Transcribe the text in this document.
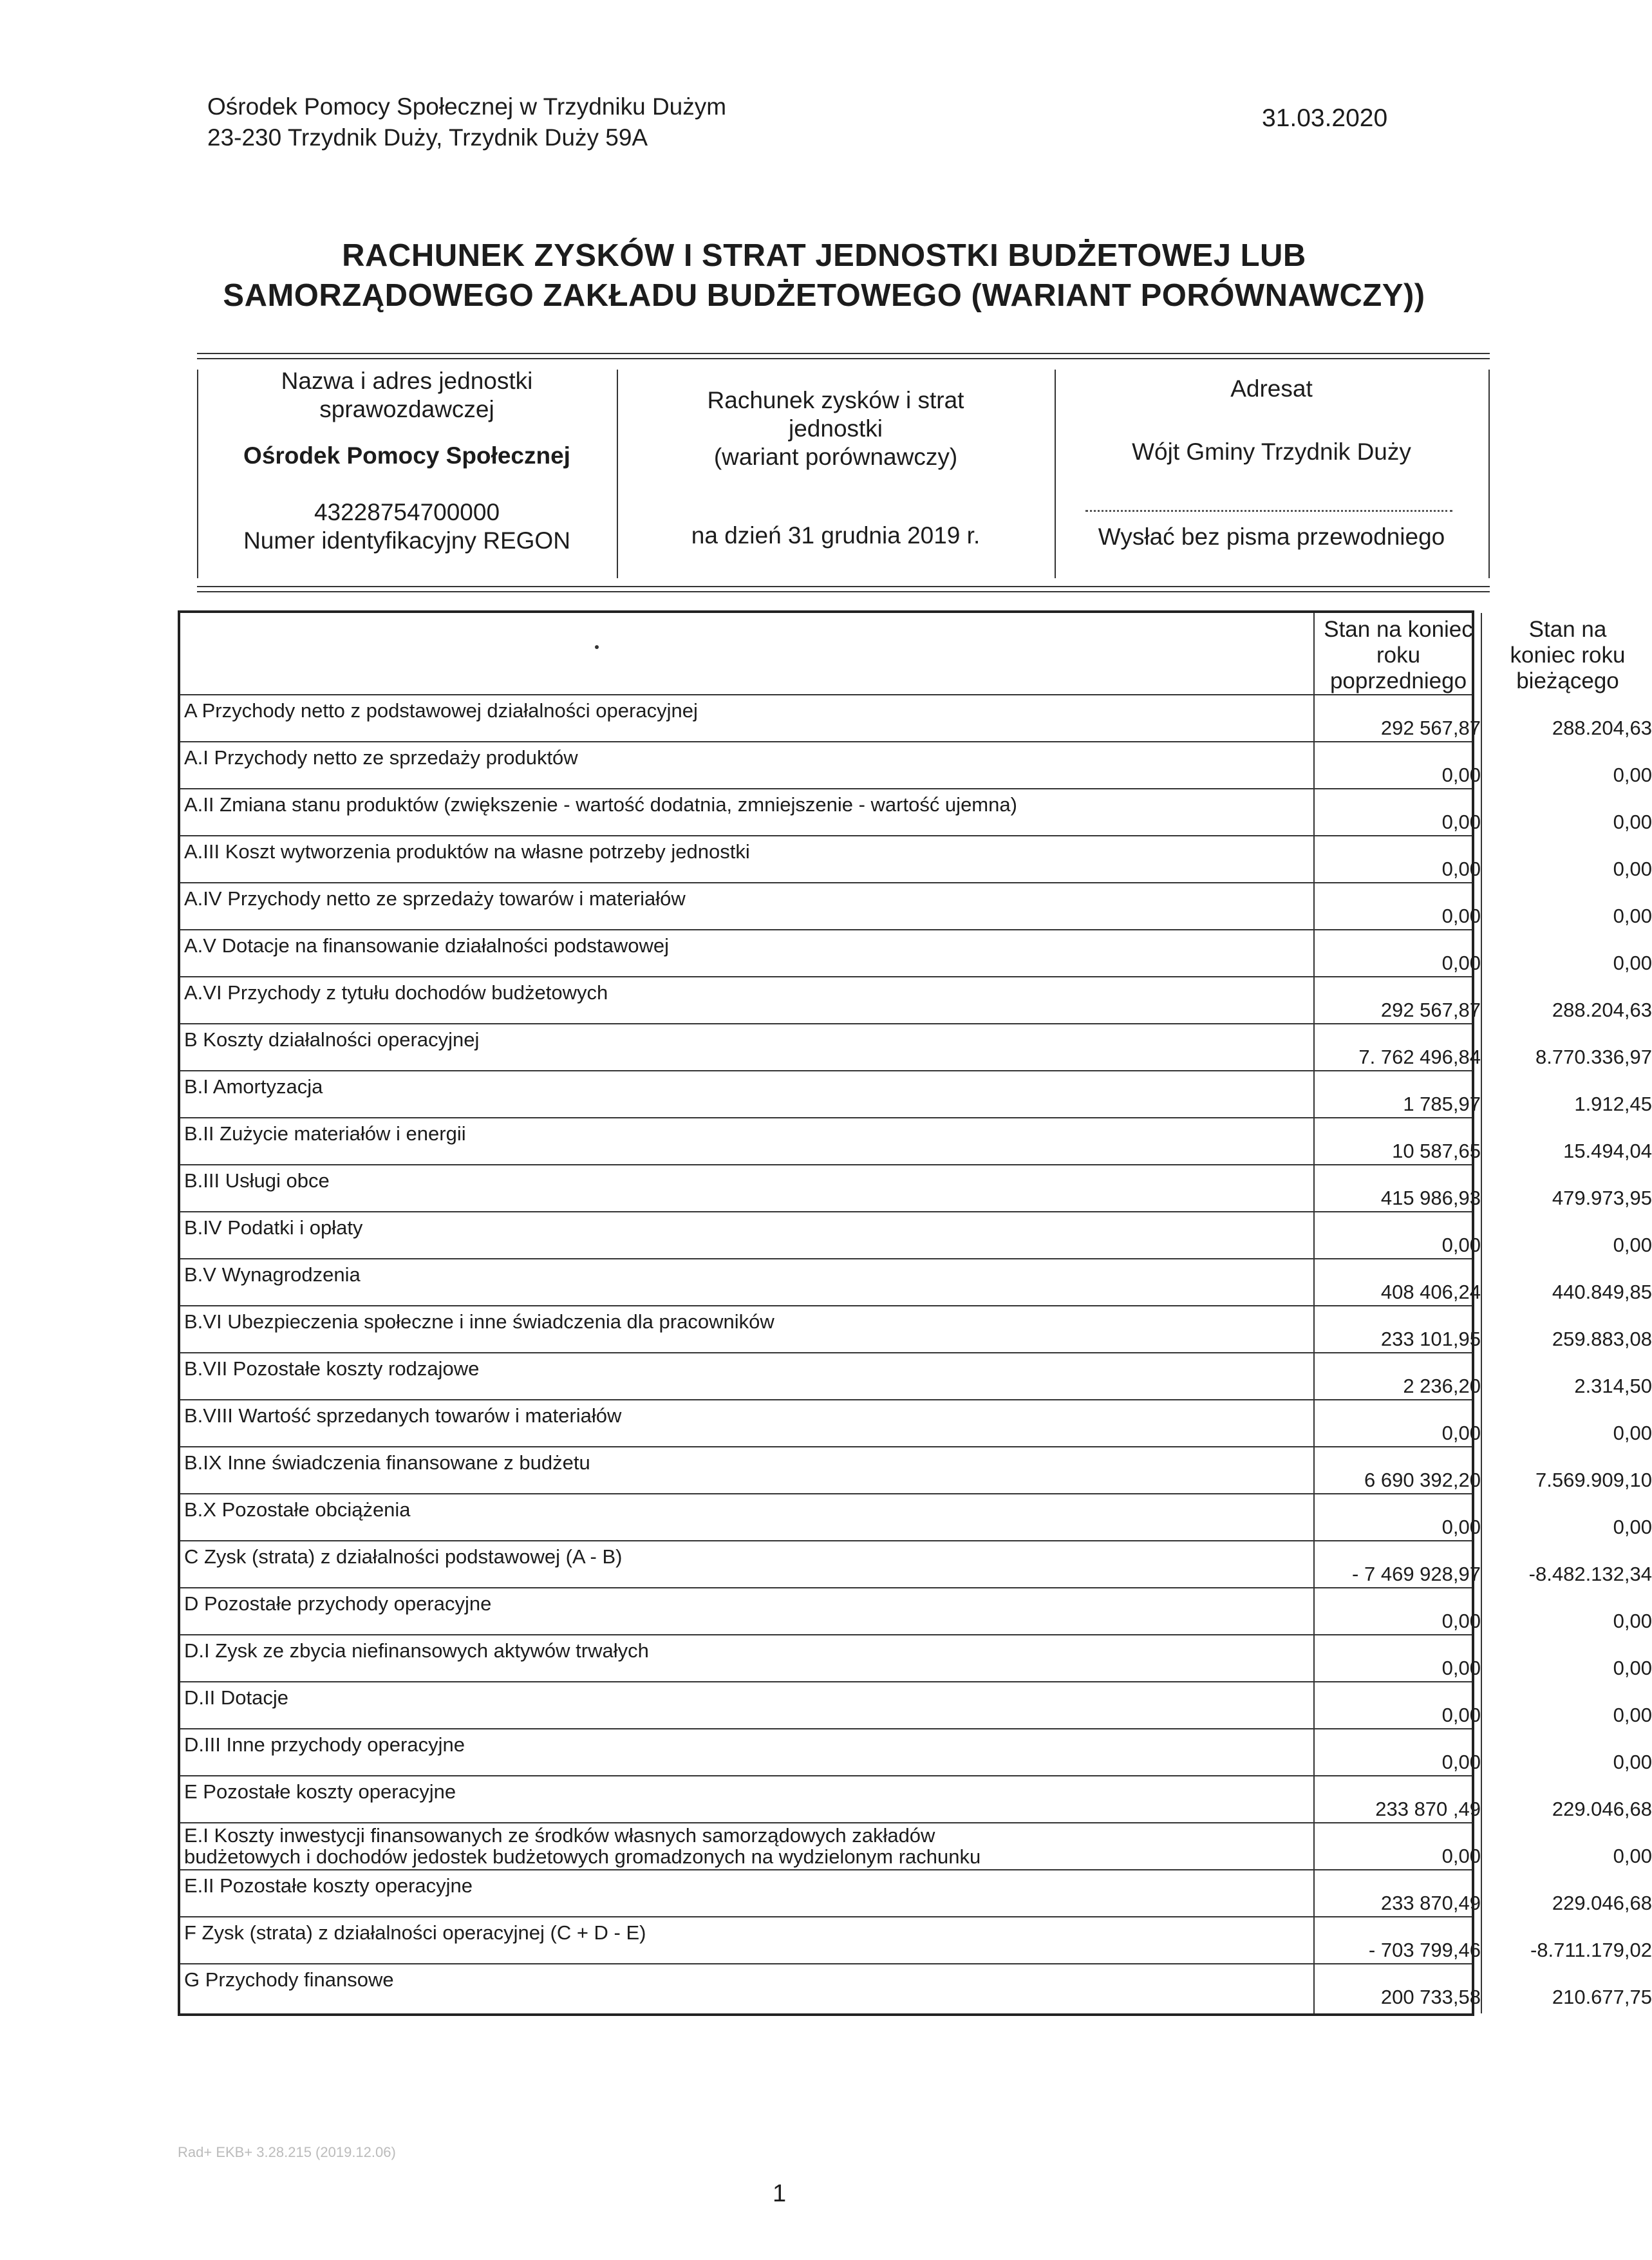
Ośrodek Pomocy Społecznej w Trzydniku Dużym
23-230 Trzydnik Duży, Trzydnik Duży 59A
31.03.2020
RACHUNEK ZYSKÓW I STRAT JEDNOSTKI BUDŻETOWEJ LUB
SAMORZĄDOWEGO ZAKŁADU BUDŻETOWEGO (WARIANT PORÓWNAWCZY))
Nazwa i adres jednostki
sprawozdawczej
Ośrodek Pomocy Społecznej
43228754700000
Numer identyfikacyjny REGON
Rachunek zysków i strat
jednostki
(wariant porównawczy)
na dzień 31 grudnia 2019 r.
Adresat
Wójt Gminy Trzydnik Duży
Wysłać bez pisma przewodniego
Stan na koniec
roku
poprzedniego
Stan na
koniec roku
bieżącego
A Przychody netto z podstawowej działalności operacyjnej
292 567,87	288.204,63
A.I Przychody netto ze sprzedaży produktów
0,00	0,00
A.II Zmiana stanu produktów (zwiększenie - wartość dodatnia, zmniejszenie - wartość ujemna)
0,00	0,00
A.III Koszt wytworzenia produktów na własne potrzeby jednostki
0,00	0,00
A.IV Przychody netto ze sprzedaży towarów i materiałów
0,00	0,00
A.V Dotacje na finansowanie działalności podstawowej
0,00	0,00
A.VI Przychody z tytułu dochodów budżetowych
292 567,87	288.204,63
B Koszty działalności operacyjnej
7. 762 496,84	8.770.336,97
B.I Amortyzacja
1 785,97	1.912,45
B.II Zużycie materiałów i energii
10 587,65	15.494,04
B.III Usługi obce
415 986,93	479.973,95
B.IV Podatki i opłaty
0,00	0,00
B.V Wynagrodzenia
408 406,24	440.849,85
B.VI Ubezpieczenia społeczne i inne świadczenia dla pracowników
233 101,95	259.883,08
B.VII Pozostałe koszty rodzajowe
2 236,20	2.314,50
B.VIII Wartość sprzedanych towarów i materiałów
0,00	0,00
B.IX Inne świadczenia finansowane z budżetu
6 690 392,20	7.569.909,10
B.X Pozostałe obciążenia
0,00	0,00
C Zysk (strata) z działalności podstawowej (A - B)
- 7 469 928,97	-8.482.132,34
D Pozostałe przychody operacyjne
0,00	0,00
D.I Zysk ze zbycia niefinansowych aktywów trwałych
0,00	0,00
D.II Dotacje
0,00	0,00
D.III Inne przychody operacyjne
0,00	0,00
E Pozostałe koszty operacyjne
233 870 ,49	229.046,68
E.I Koszty inwestycji finansowanych ze środków własnych samorządowych zakładów
budżetowych i dochodów jedostek budżetowych gromadzonych na wydzielonym rachunku	0,00	0,00
E.II Pozostałe koszty operacyjne
233 870,49	229.046,68
F Zysk (strata) z działalności operacyjnej (C + D - E)
- 703 799,46	-8.711.179,02
G Przychody finansowe
200 733,58	210.677,75
Rad+ EKB+ 3.28.215 (2019.12.06)
1
